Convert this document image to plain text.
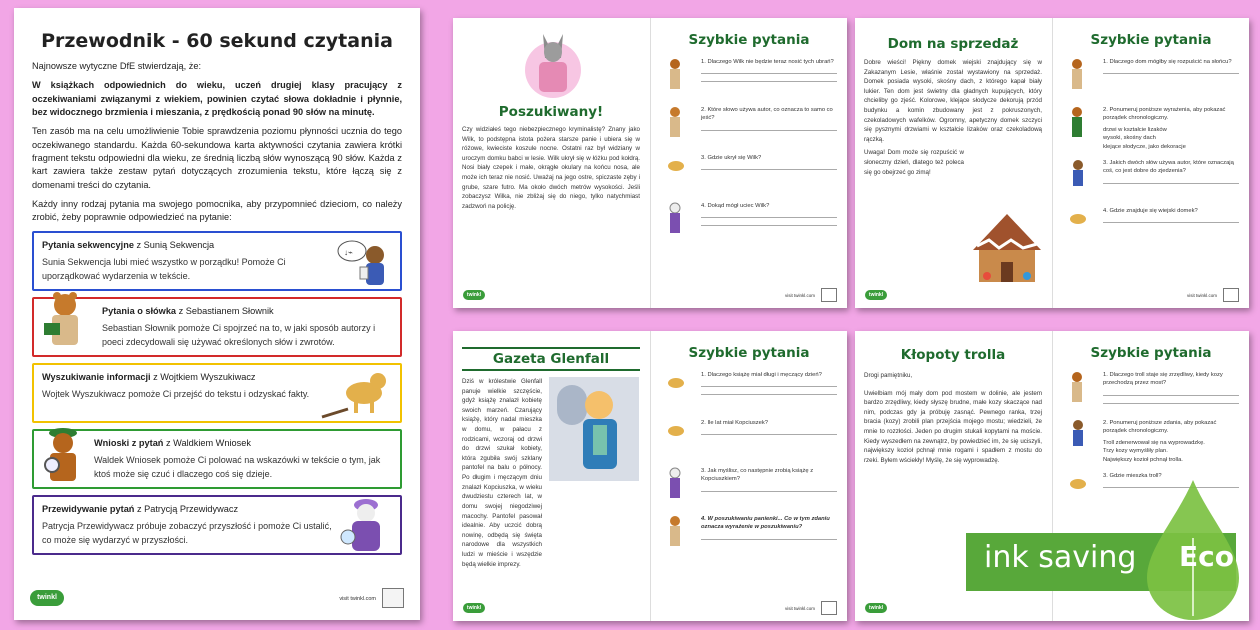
Przewodnik - 60 sekund czytania

Najnowsze wytyczne DfE stwierdzają, że:

W książkach odpowiednich do wieku, uczeń drugiej klasy pracujący z oczekiwaniami związanymi z wiekiem, powinien czytać słowa dokładnie i płynnie, bez widocznego brzmienia i mieszania, z prędkością ponad 90 słów na minutę.

Ten zasób ma na celu umożliwienie Tobie sprawdzenia poziomu płynności ucznia do tego oczekiwanego standardu. Każda 60-sekundowa karta aktywności czytania zawiera krótki fragment tekstu odpowiedni dla wieku, ze średnią liczbą słów wynoszącą 90 słów. Każda z kart zawiera także zestaw pytań dotyczących zrozumienia tekstu, które łączą się z domenami treści do czytania.

Każdy inny rodzaj pytania ma swojego pomocnika, aby przypomnieć dzieciom, co należy zrobić, żeby poprawnie odpowiedzieć na pytanie:

Pytania sekwencyjne z Sunią Sekwencja
Sunia Sekwencja lubi mieć wszystko w porządku! Pomoże Ci uporządkować wydarzenia w tekście.
↓⌁
Pytania o słówka z Sebastianem Słownik
Sebastian Słownik pomoże Ci spojrzeć na to, w jaki sposób autorzy i poeci zdecydowali się używać określonych słów i zwrotów.
Wyszukiwanie informacji z Wojtkiem Wyszukiwacz
Wojtek Wyszukiwacz pomoże Ci przejść do tekstu i odzyskać fakty.
Wnioski z pytań z Waldkiem Wniosek
Waldek Wniosek pomoże Ci polować na wskazówki w tekście o tym, jak ktoś może się czuć i dlaczego coś się dzieje.
Przewidywanie pytań z Patrycją Przewidywacz
Patrycja Przewidywacz próbuje zobaczyć przyszłość i pomoże Ci ustalić, co może się wydarzyć w przyszłości.
twinkl	visit twinkl.com
Poszukiwany!
Czy widziałeś tego niebezpiecznego kryminalistę? Znany jako Wilk, to podstępna istota pożera starsze panie i ubiera się w różowe, kwieciste koszule nocne. Ostatni raz był widziany w uroczym domku babci w lesie. Wilk ukrył się w łóżku pod kołdrą. Nosi biały czepek i małe, okrągłe okulary na końcu nosa, ale może ich teraz nie nosić. Uważaj na jego ostre, spiczaste zęby i grube, szare futro. Ma około dwóch metrów wysokości. Jeśli zobaczysz Wilka, nie zbliżaj się do niego, tylko natychmiast zadzwoń na policję.
Szybkie pytania
1. Dlaczego Wilk nie będzie teraz nosić tych ubrań?
2. Które słowo używa autor, co oznacza to samo co jeść?
3. Gdzie ukrył się Wilk?
4. Dokąd mógł uciec Wilk?
twinkl	visit twinkl.com
Dom na sprzedaż
Dobre wieści! Piękny domek wiejski znajdujący się w Zakazanym Lesie, właśnie został wystawiony na sprzedaż. Domek posiada wysoki, skośny dach, z którego kapał biały lukier. Ten dom jest świetny dla gładnych kupujących, który chcieliby go zjeść. Kolorowe, klejące słodycze dekorują przód budynku a komin zbudowany jest z pokruszonych, czekoladowych wafelków. Ogromny, apetyczny domek szczyci się pysznymi drzwiami w kształcie lizaków oraz czekoladową rączką.
Uwaga! Dom może się rozpuścić w słoneczny dzień, dlatego też poleca się go obejrzeć go zimą!
Szybkie pytania
1. Dlaczego dom mógłby się rozpuścić na słońcu?
2. Ponumeruj poniższe wyrażenia, aby pokazać porządek chronologiczny.
drzwi w kształcie lizaków
wysoki, skośny dach
klejące słodycze, jako dekoracje
3. Jakich dwóch słów używa autor, które oznaczają coś, co jest dobre do zjedzenia?
4. Gdzie znajduje się wiejski domek?
twinkl	visit twinkl.com
Gazeta Glenfall
Dziś w królestwie Glenfall panuje wielkie szczęście, gdyż książę znalazł kobietę swoich marzeń. Czarujący książę, który nadal mieszka w domu, w pałacu z rodzicami, wczoraj od drzwi do drzwi szukał kobiety, która zgubiła swój szklany pantofel na balu o północy. Po długim i męczącym dniu znalazł Kopciuszka, w wieku dwudziestu czterech lat, w domu swojej niegodziwej macochy. Pantofel pasował idealnie. Aby uczcić dobrą nowinę, odbędą się święta narodowe dla wszystkich ludzi w mieście i wszędzie będą wielkie imprezy.
Szybkie pytania
1. Dlaczego książę miał długi i męczący dzień?
2. Ile lat miał Kopciuszek?
3. Jak myślisz, co następnie zrobią książę z Kopciuszkiem?
4. W poszukiwaniu panienki... Co w tym zdaniu oznacza wyrażenie w poszukiwaniu?
twinkl	visit twinkl.com
Kłopoty trolla
Drogi pamiętniku,
Uwielbiam mój mały dom pod mostem w dolinie, ale jestem bardzo zrzędliwy, kiedy słyszę brudne, małe kozy skaczące nad nim, podczas gdy ja próbuję zasnąć. Pewnego ranka, trzej bracia (kozy) zrobili plan przejścia mojego mostu; wiedzieli, że mnie to rozzłości. Jeden po drugim stukali kopytami na moście. Kiedy wyszedłem na zewnątrz, by powiedzieć im, że się uciszyli, największy kozioł pchnął mnie rogami i spadłem z mostu do rzeki. Byłem wściekły! Myślę, że się wyprowadzę.
Szybkie pytania
1. Dlaczego troll staje się zrzędliwy, kiedy kozy przechodzą przez most?
2. Ponumeruj poniższe zdania, aby pokazać porządek chronologiczny.
Troll zdenerwował się na wyprowadzkę.
Trzy kozy wymyśliły plan.
Największy kozioł pchnął trolla.
3. Gdzie mieszka troll?
twinkl
ink saving Eco
